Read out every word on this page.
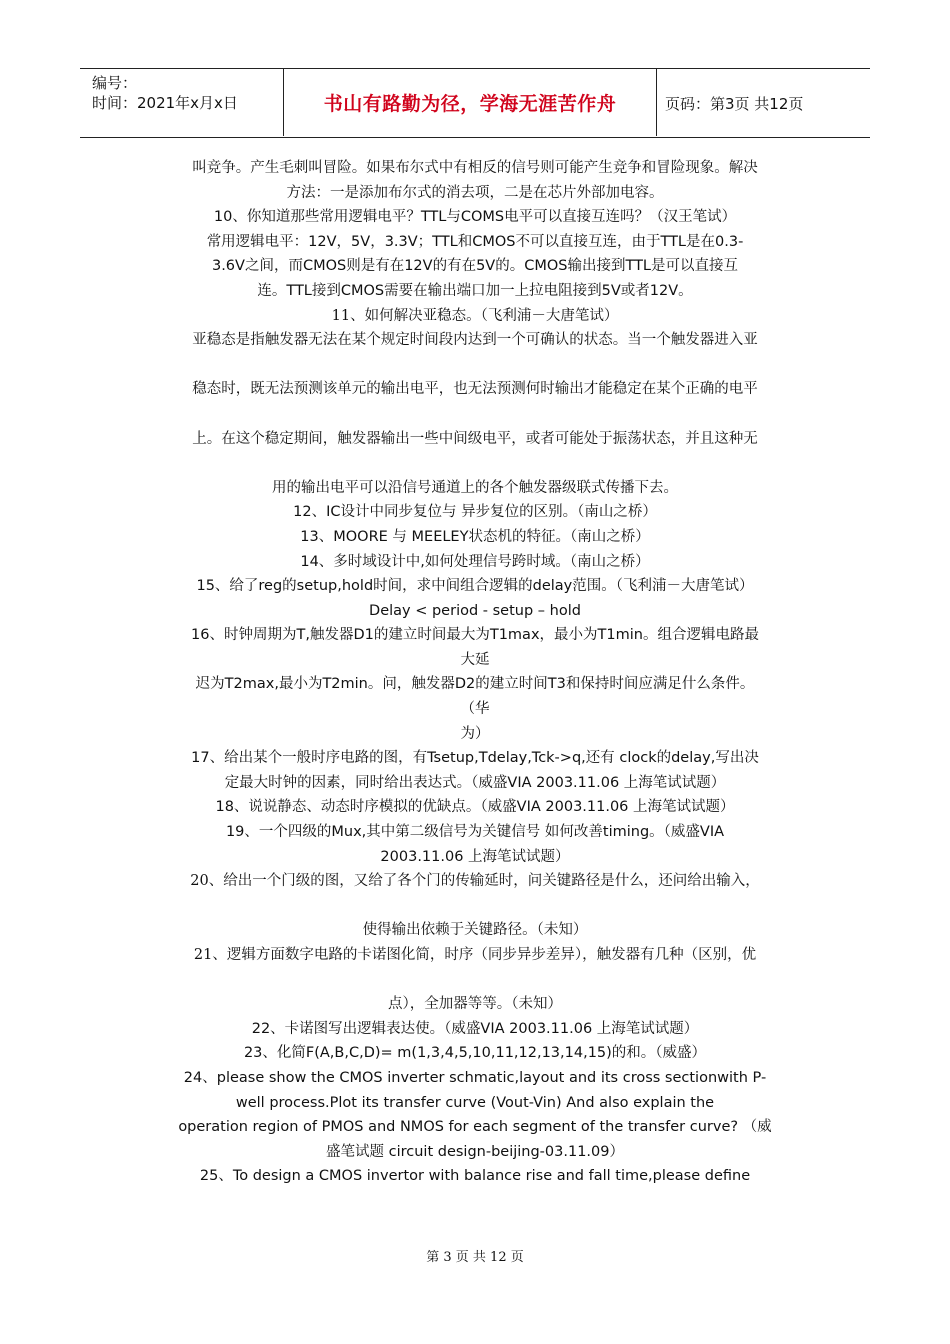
编号：
时间：2021年x月x日	书山有路勤为径，学海无涯苦作舟	页码：第3页 共12页
叫竞争。产生毛刺叫冒险。如果布尔式中有相反的信号则可能产生竞争和冒险现象。解决
方法：一是添加布尔式的消去项，二是在芯片外部加电容。
10、你知道那些常用逻辑电平？TTL与COMS电平可以直接互连吗？（汉王笔试）
常用逻辑电平：12V，5V，3.3V；TTL和CMOS不可以直接互连，由于TTL是在0.3-
3.6V之间，而CMOS则是有在12V的有在5V的。CMOS输出接到TTL是可以直接互
连。TTL接到CMOS需要在输出端口加一上拉电阻接到5V或者12V。
11、如何解决亚稳态。（飞利浦－大唐笔试）
亚稳态是指触发器无法在某个规定时间段内达到一个可确认的状态。当一个触发器进入亚
稳态时，既无法预测该单元的输出电平，也无法预测何时输出才能稳定在某个正确的电平
上。在这个稳定期间，触发器输出一些中间级电平，或者可能处于振荡状态，并且这种无
用的输出电平可以沿信号通道上的各个触发器级联式传播下去。
12、IC设计中同步复位与 异步复位的区别。（南山之桥）
13、MOORE 与 MEELEY状态机的特征。（南山之桥）
14、多时域设计中,如何处理信号跨时域。（南山之桥）
15、给了reg的setup,hold时间，求中间组合逻辑的delay范围。（飞利浦－大唐笔试）
Delay < period - setup – hold
16、时钟周期为T,触发器D1的建立时间最大为T1max，最小为T1min。组合逻辑电路最
大延
迟为T2max,最小为T2min。问，触发器D2的建立时间T3和保持时间应满足什么条件。
（华
为）
17、给出某个一般时序电路的图，有Tsetup,Tdelay,Tck->q,还有 clock的delay,写出决
定最大时钟的因素，同时给出表达式。（威盛VIA 2003.11.06 上海笔试试题）
18、说说静态、动态时序模拟的优缺点。（威盛VIA 2003.11.06 上海笔试试题）
19、一个四级的Mux,其中第二级信号为关键信号 如何改善timing。（威盛VIA
2003.11.06 上海笔试试题）
20、给出一个门级的图，又给了各个门的传输延时，问关键路径是什么，还问给出输入，
使得输出依赖于关键路径。（未知）
21、逻辑方面数字电路的卡诺图化简，时序（同步异步差异），触发器有几种（区别，优
点），全加器等等。（未知）
22、卡诺图写出逻辑表达使。（威盛VIA 2003.11.06 上海笔试试题）
23、化简F(A,B,C,D)= m(1,3,4,5,10,11,12,13,14,15)的和。（威盛）
24、please show the CMOS inverter schmatic,layout and its cross sectionwith P-
well process.Plot its transfer curve (Vout-Vin) And also explain the
operation region of PMOS and NMOS for each segment of the transfer curve? （威
盛笔试题 circuit design-beijing-03.11.09）
25、To design a CMOS invertor with balance rise and fall time,please define
第 3 页 共 12 页
